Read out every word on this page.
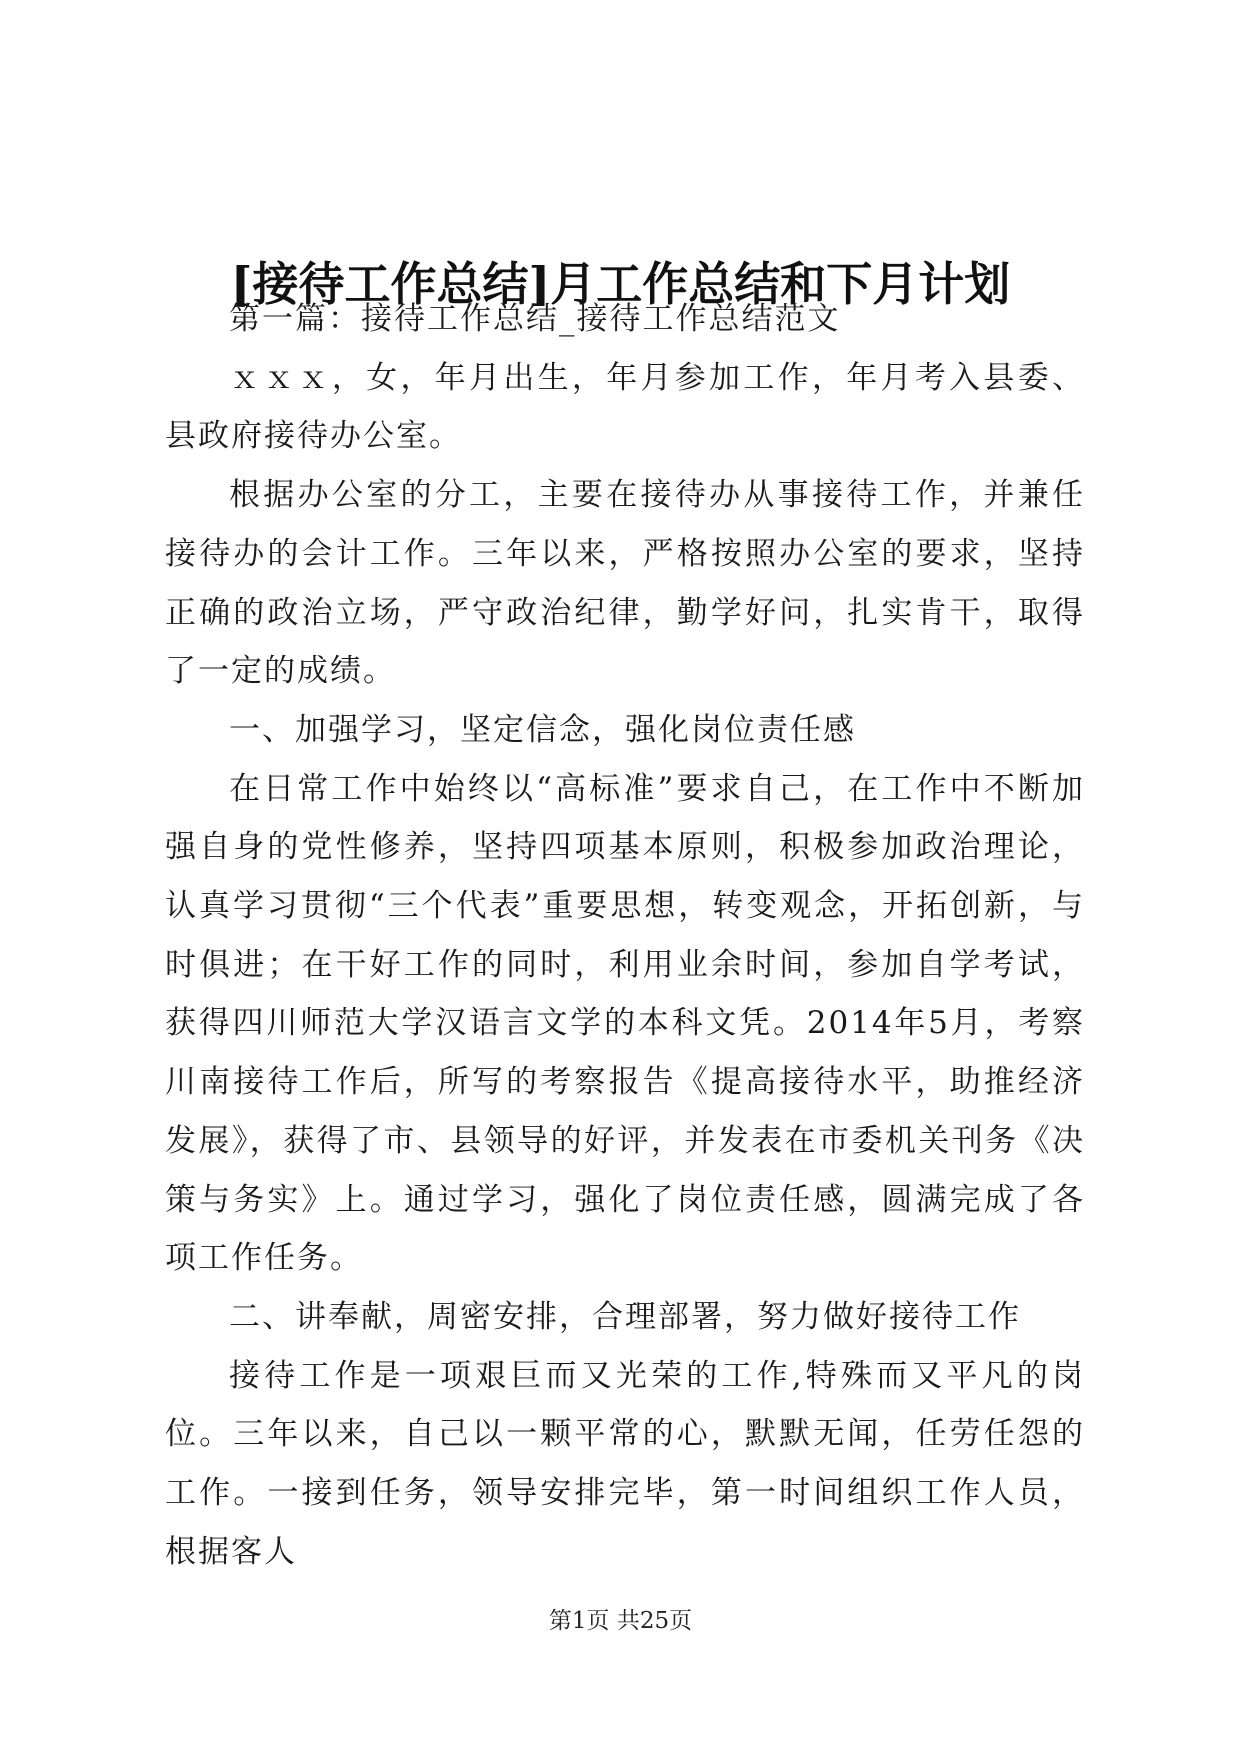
[接待工作总结]月工作总结和下月计划

第一篇：接待工作总结_接待工作总结范文

ｘｘｘ，女，年月出生，年月参加工作，年月考入县委、县政府接待办公室。

根据办公室的分工，主要在接待办从事接待工作，并兼任接待办的会计工作。三年以来，严格按照办公室的要求，坚持正确的政治立场，严守政治纪律，勤学好问，扎实肯干，取得了一定的成绩。

一、加强学习，坚定信念，强化岗位责任感

在日常工作中始终以“高标准”要求自己，在工作中不断加强自身的党性修养，坚持四项基本原则，积极参加政治理论，认真学习贯彻“三个代表”重要思想，转变观念，开拓创新，与时俱进；在干好工作的同时，利用业余时间，参加自学考试，获得四川师范大学汉语言文学的本科文凭。2014年5月，考察川南接待工作后，所写的考察报告《提高接待水平，助推经济发展》，获得了市、县领导的好评，并发表在市委机关刊务《决策与务实》上。通过学习，强化了岗位责任感，圆满完成了各项工作任务。

二、讲奉献，周密安排，合理部署，努力做好接待工作

接待工作是一项艰巨而又光荣的工作,特殊而又平凡的岗位。三年以来，自己以一颗平常的心，默默无闻，任劳任怨的工作。一接到任务，领导安排完毕，第一时间组织工作人员，根据客人

第1页 共25页
